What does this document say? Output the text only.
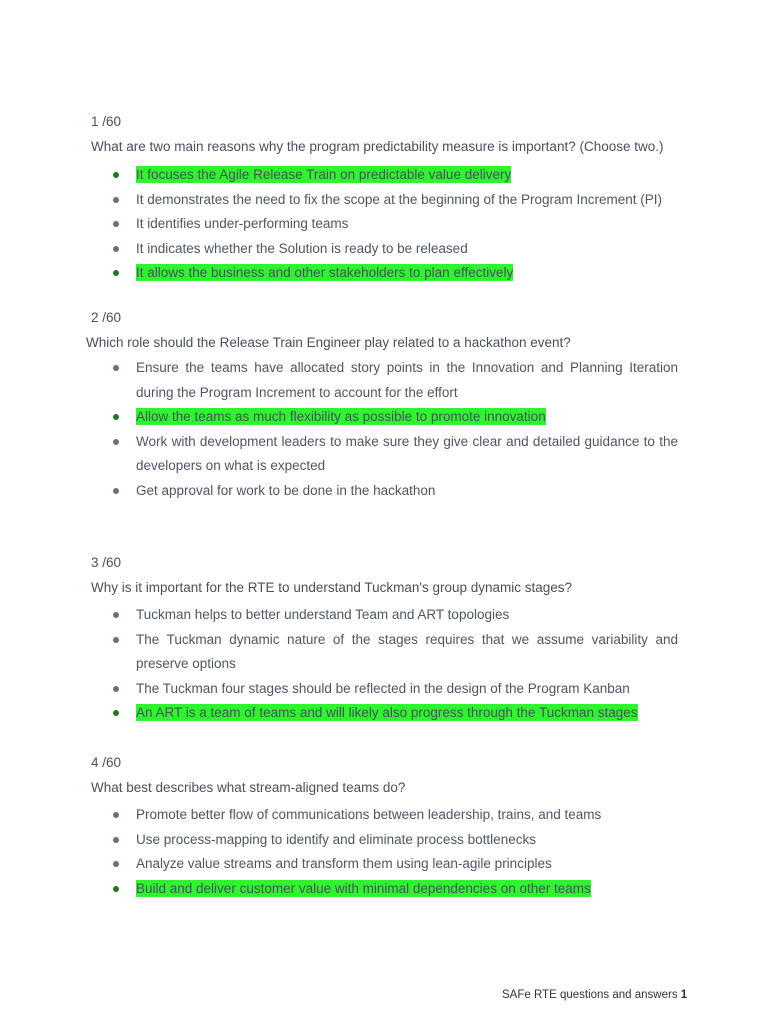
1 /60
What are two main reasons why the program predictability measure is important? (Choose two.)
It focuses the Agile Release Train on predictable value delivery
It demonstrates the need to fix the scope at the beginning of the Program Increment (PI)
It identifies under-performing teams
It indicates whether the Solution is ready to be released
It allows the business and other stakeholders to plan effectively
2 /60
Which role should the Release Train Engineer play related to a hackathon event?
Ensure the teams have allocated story points in the Innovation and Planning Iteration during the Program Increment to account for the effort
Allow the teams as much flexibility as possible to promote innovation
Work with development leaders to make sure they give clear and detailed guidance to the developers on what is expected
Get approval for work to be done in the hackathon
3 /60
Why is it important for the RTE to understand Tuckman's group dynamic stages?
Tuckman helps to better understand Team and ART topologies
The Tuckman dynamic nature of the stages requires that we assume variability and preserve options
The Tuckman four stages should be reflected in the design of the Program Kanban
An ART is a team of teams and will likely also progress through the Tuckman stages
4 /60
What best describes what stream-aligned teams do?
Promote better flow of communications between leadership, trains, and teams
Use process-mapping to identify and eliminate process bottlenecks
Analyze value streams and transform them using lean-agile principles
Build and deliver customer value with minimal dependencies on other teams
SAFe RTE questions and answers 1
